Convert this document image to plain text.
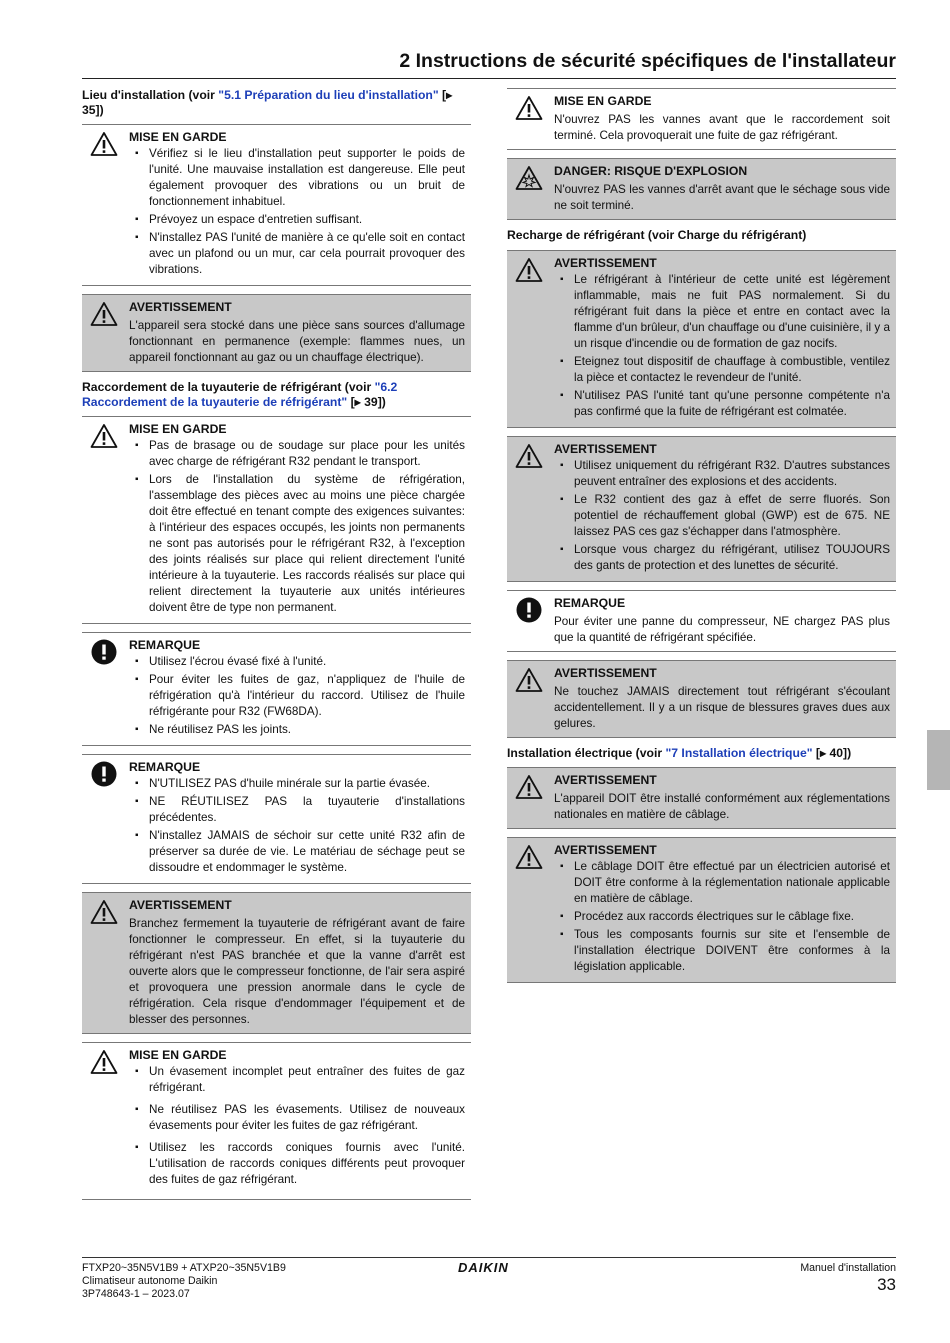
2 Instructions de sécurité spécifiques de l'installateur
Lieu d'installation (voir "5.1 Préparation du lieu d'installation" [▸ 35])
MISE EN GARDE
▪ Vérifiez si le lieu d'installation peut supporter le poids de l'unité. Une mauvaise installation est dangereuse. Elle peut également provoquer des vibrations ou un bruit de fonctionnement inhabituel.
▪ Prévoyez un espace d'entretien suffisant.
▪ N'installez PAS l'unité de manière à ce qu'elle soit en contact avec un plafond ou un mur, car cela pourrait provoquer des vibrations.
AVERTISSEMENT
L'appareil sera stocké dans une pièce sans sources d'allumage fonctionnant en permanence (exemple: flammes nues, un appareil fonctionnant au gaz ou un chauffage électrique).
Raccordement de la tuyauterie de réfrigérant (voir "6.2 Raccordement de la tuyauterie de réfrigérant" [▸ 39])
MISE EN GARDE
▪ Pas de brasage ou de soudage sur place pour les unités avec charge de réfrigérant R32 pendant le transport.
▪ Lors de l'installation du système de réfrigération, l'assemblage des pièces avec au moins une pièce chargée doit être effectué en tenant compte des exigences suivantes: à l'intérieur des espaces occupés, les joints non permanents ne sont pas autorisés pour le réfrigérant R32, à l'exception des joints réalisés sur place qui relient directement l'unité intérieure à la tuyauterie. Les raccords réalisés sur place qui relient directement la tuyauterie aux unités intérieures doivent être de type non permanent.
REMARQUE
▪ Utilisez l'écrou évasé fixé à l'unité.
▪ Pour éviter les fuites de gaz, n'appliquez de l'huile de réfrigération qu'à l'intérieur du raccord. Utilisez de l'huile réfrigérante pour R32 (FW68DA).
▪ Ne réutilisez PAS les joints.
REMARQUE
▪ N'UTILISEZ PAS d'huile minérale sur la partie évasée.
▪ NE RÉUTILISEZ PAS la tuyauterie d'installations précédentes.
▪ N'installez JAMAIS de séchoir sur cette unité R32 afin de préserver sa durée de vie. Le matériau de séchage peut se dissoudre et endommager le système.
AVERTISSEMENT
Branchez fermement la tuyauterie de réfrigérant avant de faire fonctionner le compresseur. En effet, si la tuyauterie du réfrigérant n'est PAS branchée et que la vanne d'arrêt est ouverte alors que le compresseur fonctionne, de l'air sera aspiré et provoquera une pression anormale dans le cycle de réfrigération. Cela risque d'endommager l'équipement et de blesser des personnes.
MISE EN GARDE
▪ Un évasement incomplet peut entraîner des fuites de gaz réfrigérant.
▪ Ne réutilisez PAS les évasements. Utilisez de nouveaux évasements pour éviter les fuites de gaz réfrigérant.
▪ Utilisez les raccords coniques fournis avec l'unité. L'utilisation de raccords coniques différents peut provoquer des fuites de gaz réfrigérant.
MISE EN GARDE
N'ouvrez PAS les vannes avant que le raccordement soit terminé. Cela provoquerait une fuite de gaz réfrigérant.
DANGER: RISQUE D'EXPLOSION
N'ouvrez PAS les vannes d'arrêt avant que le séchage sous vide ne soit terminé.
Recharge de réfrigérant (voir Charge du réfrigérant)
AVERTISSEMENT
▪ Le réfrigérant à l'intérieur de cette unité est légèrement inflammable, mais ne fuit PAS normalement. Si du réfrigérant fuit dans la pièce et entre en contact avec la flamme d'un brûleur, d'un chauffage ou d'une cuisinière, il y a un risque d'incendie ou de formation de gaz nocifs.
▪ Eteignez tout dispositif de chauffage à combustible, ventilez la pièce et contactez le revendeur de l'unité.
▪ N'utilisez PAS l'unité tant qu'une personne compétente n'a pas confirmé que la fuite de réfrigérant est colmatée.
AVERTISSEMENT
▪ Utilisez uniquement du réfrigérant R32. D'autres substances peuvent entraîner des explosions et des accidents.
▪ Le R32 contient des gaz à effet de serre fluorés. Son potentiel de réchauffement global (GWP) est de 675. NE laissez PAS ces gaz s'échapper dans l'atmosphère.
▪ Lorsque vous chargez du réfrigérant, utilisez TOUJOURS des gants de protection et des lunettes de sécurité.
REMARQUE
Pour éviter une panne du compresseur, NE chargez PAS plus que la quantité de réfrigérant spécifiée.
AVERTISSEMENT
Ne touchez JAMAIS directement tout réfrigérant s'écoulant accidentellement. Il y a un risque de blessures graves dues aux gelures.
Installation électrique (voir "7 Installation électrique" [▸ 40])
AVERTISSEMENT
L'appareil DOIT être installé conformément aux réglementations nationales en matière de câblage.
AVERTISSEMENT
▪ Le câblage DOIT être effectué par un électricien autorisé et DOIT être conforme à la réglementation nationale applicable en matière de câblage.
▪ Procédez aux raccords électriques sur le câblage fixe.
▪ Tous les composants fournis sur site et l'ensemble de l'installation électrique DOIVENT être conformes à la législation applicable.
FTXP20~35N5V1B9 + ATXP20~35N5V1B9
Climatiseur autonome Daikin
3P748643-1 – 2023.07
DAIKIN	Manuel d'installation
33
